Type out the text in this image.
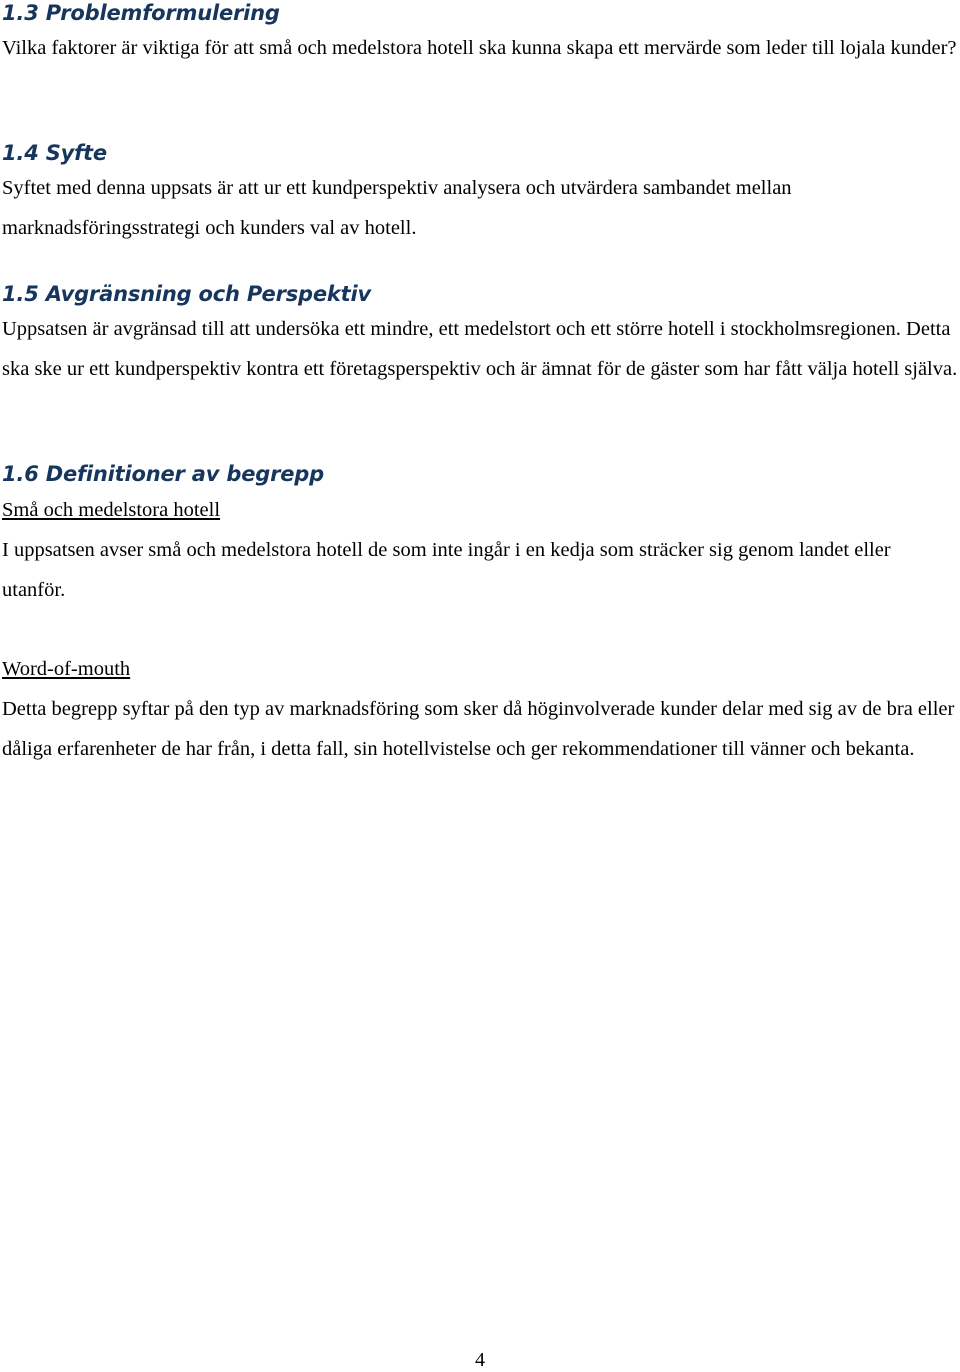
1.3 Problemformulering

Vilka faktorer är viktiga för att små och medelstora hotell ska kunna skapa ett mervärde som leder till lojala kunder?

1.4 Syfte

Syftet med denna uppsats är att ur ett kundperspektiv analysera och utvärdera sambandet mellan marknadsföringsstrategi och kunders val av hotell.

1.5 Avgränsning och Perspektiv

Uppsatsen är avgränsad till att undersöka ett mindre, ett medelstort och ett större hotell i stockholmsregionen. Detta ska ske ur ett kundperspektiv kontra ett företagsperspektiv och är ämnat för de gäster som har fått välja hotell själva.

1.6 Definitioner av begrepp

Små och medelstora hotell

I uppsatsen avser små och medelstora hotell de som inte ingår i en kedja som sträcker sig genom landet eller utanför.

Word-of-mouth

Detta begrepp syftar på den typ av marknadsföring som sker då höginvolverade kunder delar med sig av de bra eller dåliga erfarenheter de har från, i detta fall, sin hotellvistelse och ger rekommendationer till vänner och bekanta.

4
